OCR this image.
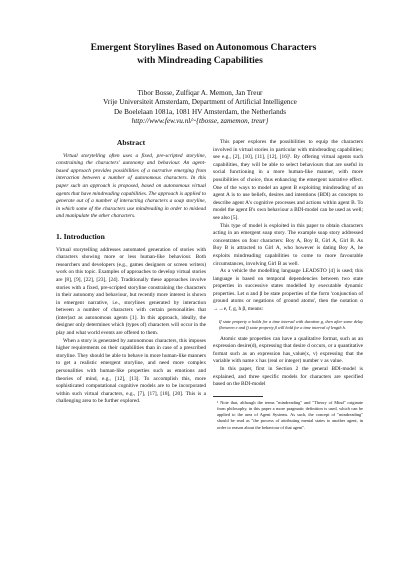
Emergent Storylines Based on Autonomous Characters
with Mindreading Capabilities

Tibor Bosse, Zulfiqar A. Memon, Jan Treur
Vrije Universiteit Amsterdam, Department of Artificial Intelligence
De Boelelaan 1081a, 1081 HV Amsterdam, the Netherlands
http://www.few.vu.nl/~{tbosse, zamemon, treur}
Abstract

Virtual storytelling often uses a fixed, pre-scripted storyline, constraining the characters' autonomy and behaviour. An agent-based approach provides possibilities of a narrative emerging from interaction between a number of autonomous characters. In this paper such an approach is proposed, based on autonomous virtual agents that have mindreading capabilities. The approach is applied to generate out of a number of interacting characters a soap storyline, in which some of the characters use mindreading in order to mislead and manipulate the other characters.

1. Introduction

Virtual storytelling addresses automated generation of stories with characters showing more or less human-like behaviour. Both researchers and developers (e.g., games designers or screen writers) work on this topic. Examples of approaches to develop virtual stories are [8], [9], [22], [23], [24]. Traditionally these approaches involve stories with a fixed, pre-scripted storyline constraining the characters in their autonomy and behaviour, but recently more interest is shown in emergent narrative, i.e., storylines generated by interaction between a number of characters with certain personalities that (inter)act as autonomous agents [1]. In this approach, ideally, the designer only determines which (types of) characters will occur in the play and what world events are offered to them.

When a story is generated by autonomous characters, this imposes higher requirements on their capabilities than in case of a prescribed storyline. They should be able to behave in more human-like manners to get a realistic emergent storyline, and need more complex personalities with human-like properties such as emotions and theories of mind, e.g., [12], [13]. To accomplish this, more sophisticated computational cognitive models are to be incorporated within such virtual characters, e.g., [7], [17], [18], [20]. This is a challenging area to be further explored.

This paper explores the possibilities to equip the characters involved in virtual stories in particular with mindreading capabilities; see e.g., [2], [10], [11], [12], [16]¹. By offering virtual agents such capabilities, they will be able to select behaviours that are useful in social functioning in a more human-like manner, with more possibilities of choice, thus enhancing the emergent narrative effect. One of the ways to model an agent B exploiting mindreading of an agent A is to use beliefs, desires and intentions (BDI) as concepts to describe agent A's cognitive processes and actions within agent B. To model the agent B's own behaviour a BDI-model can be used as well; see also [5].

This type of model is exploited in this paper to obtain characters acting in an emergent soap story. The example soap story addressed concentrates on four characters: Boy A, Boy B, Girl A, Girl B. As Boy B is attracted to Girl A, who however is dating Boy A, he exploits mindreading capabilities to come to more favourable circumstances, involving Girl B as well.

As a vehicle the modelling language LEADSTO [4] is used; this language is based on temporal dependencies between two state properties in successive states modelled by executable dynamic properties. Let α and β be state properties of the form 'conjunction of ground atoms or negations of ground atoms', then the notation α →→e, f, g, h β, means:

If state property α holds for a time interval with duration g, then after some delay (between e and f) state property β will hold for a time interval of length h.

Atomic state properties can have a qualitative format, such as an expression desire(d), expressing that desire d occurs, or a quantitative format such as an expression has_value(x, v) expressing that the variable with name x has (real or integer) number v as value.

In this paper, first in Section 2 the general BDI-model is explained, and three specific models for characters are specified based on the BDI-model

¹ Note that, although the terms "mindreading" and "Theory of Mind" originate from philosophy, in this paper a more pragmatic definition is used, which can be applied to the area of Agent Systems. As such, the concept of "mindreading" should be read as "the process of attributing mental states to another agent, in order to reason about the behaviour of that agent".
